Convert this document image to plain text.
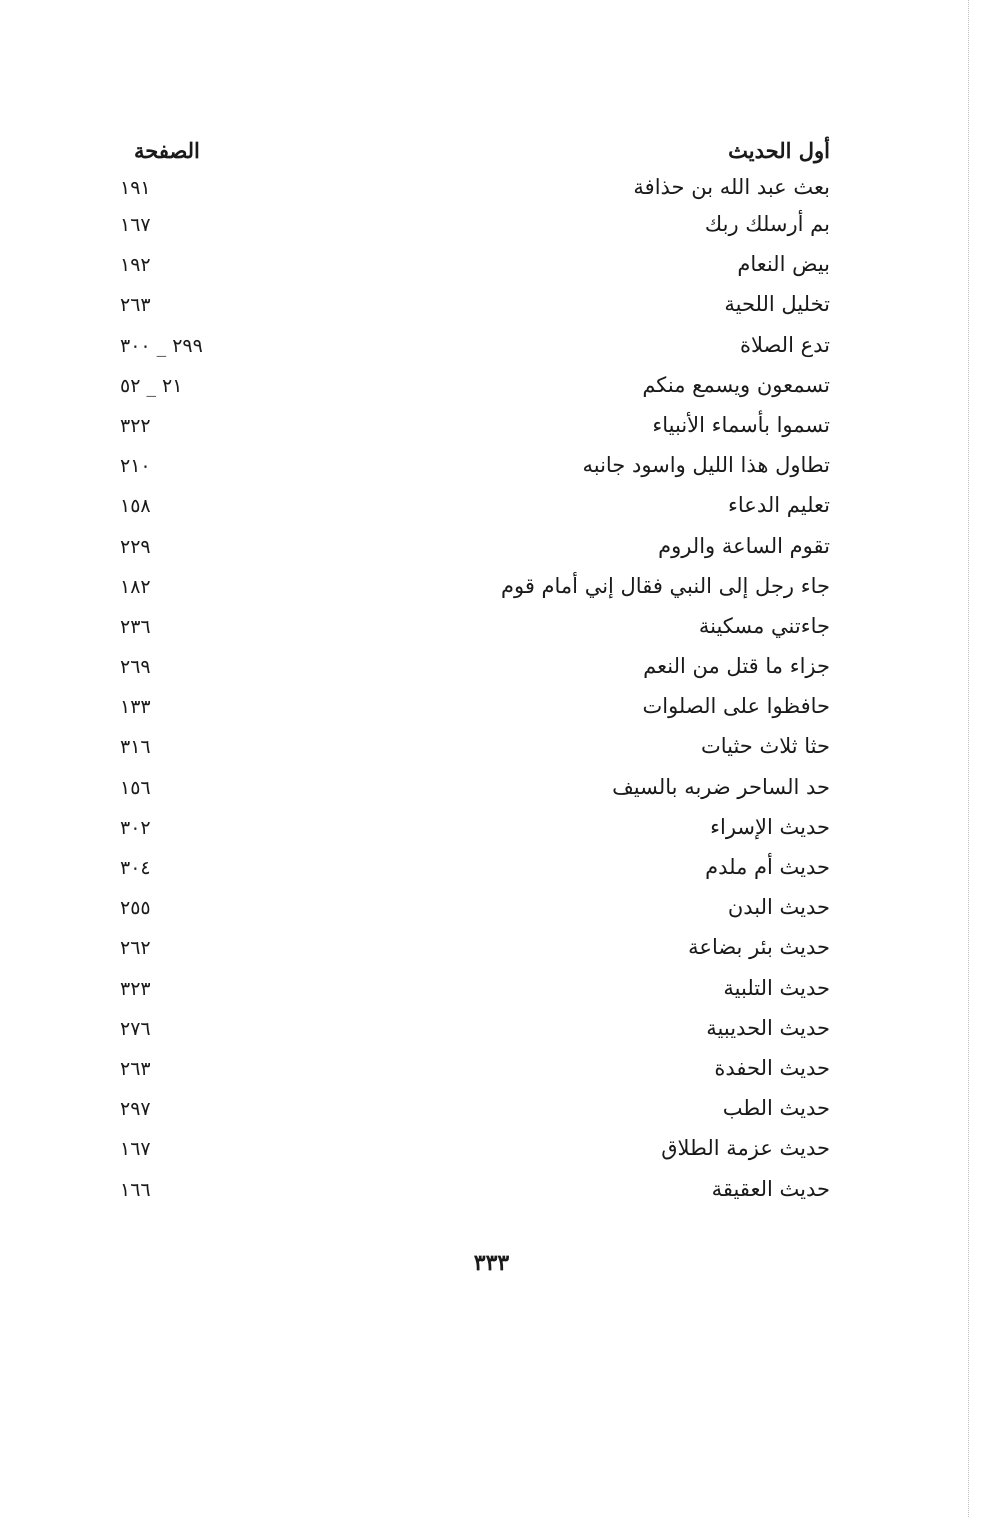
أول الحديث
الصفحة
بعث عبد الله بن حذافة
١٩١
بم أرسلك ربك
١٦٧
بيض النعام
١٩٢
تخليل اللحية
٢٦٣
تدع الصلاة
٢٩٩ _ ٣٠٠
تسمعون ويسمع منكم
٢١ _ ٥٢
تسموا بأسماء الأنبياء
٣٢٢
تطاول هذا الليل واسود جانبه
٢١٠
تعليم الدعاء
١٥٨
تقوم الساعة والروم
٢٢٩
جاء رجل إلى النبي فقال إني أمام قوم
١٨٢
جاءتني مسكينة
٢٣٦
جزاء ما قتل من النعم
٢٦٩
حافظوا على الصلوات
١٣٣
حثا ثلاث حثيات
٣١٦
حد الساحر ضربه بالسيف
١٥٦
حديث الإسراء
٣٠٢
حديث أم ملدم
٣٠٤
حديث البدن
٢٥٥
حديث بئر بضاعة
٢٦٢
حديث التلبية
٣٢٣
حديث الحديبية
٢٧٦
حديث الحفدة
٢٦٣
حديث الطب
٢٩٧
حديث عزمة الطلاق
١٦٧
حديث العقيقة
١٦٦
٣٣٣
